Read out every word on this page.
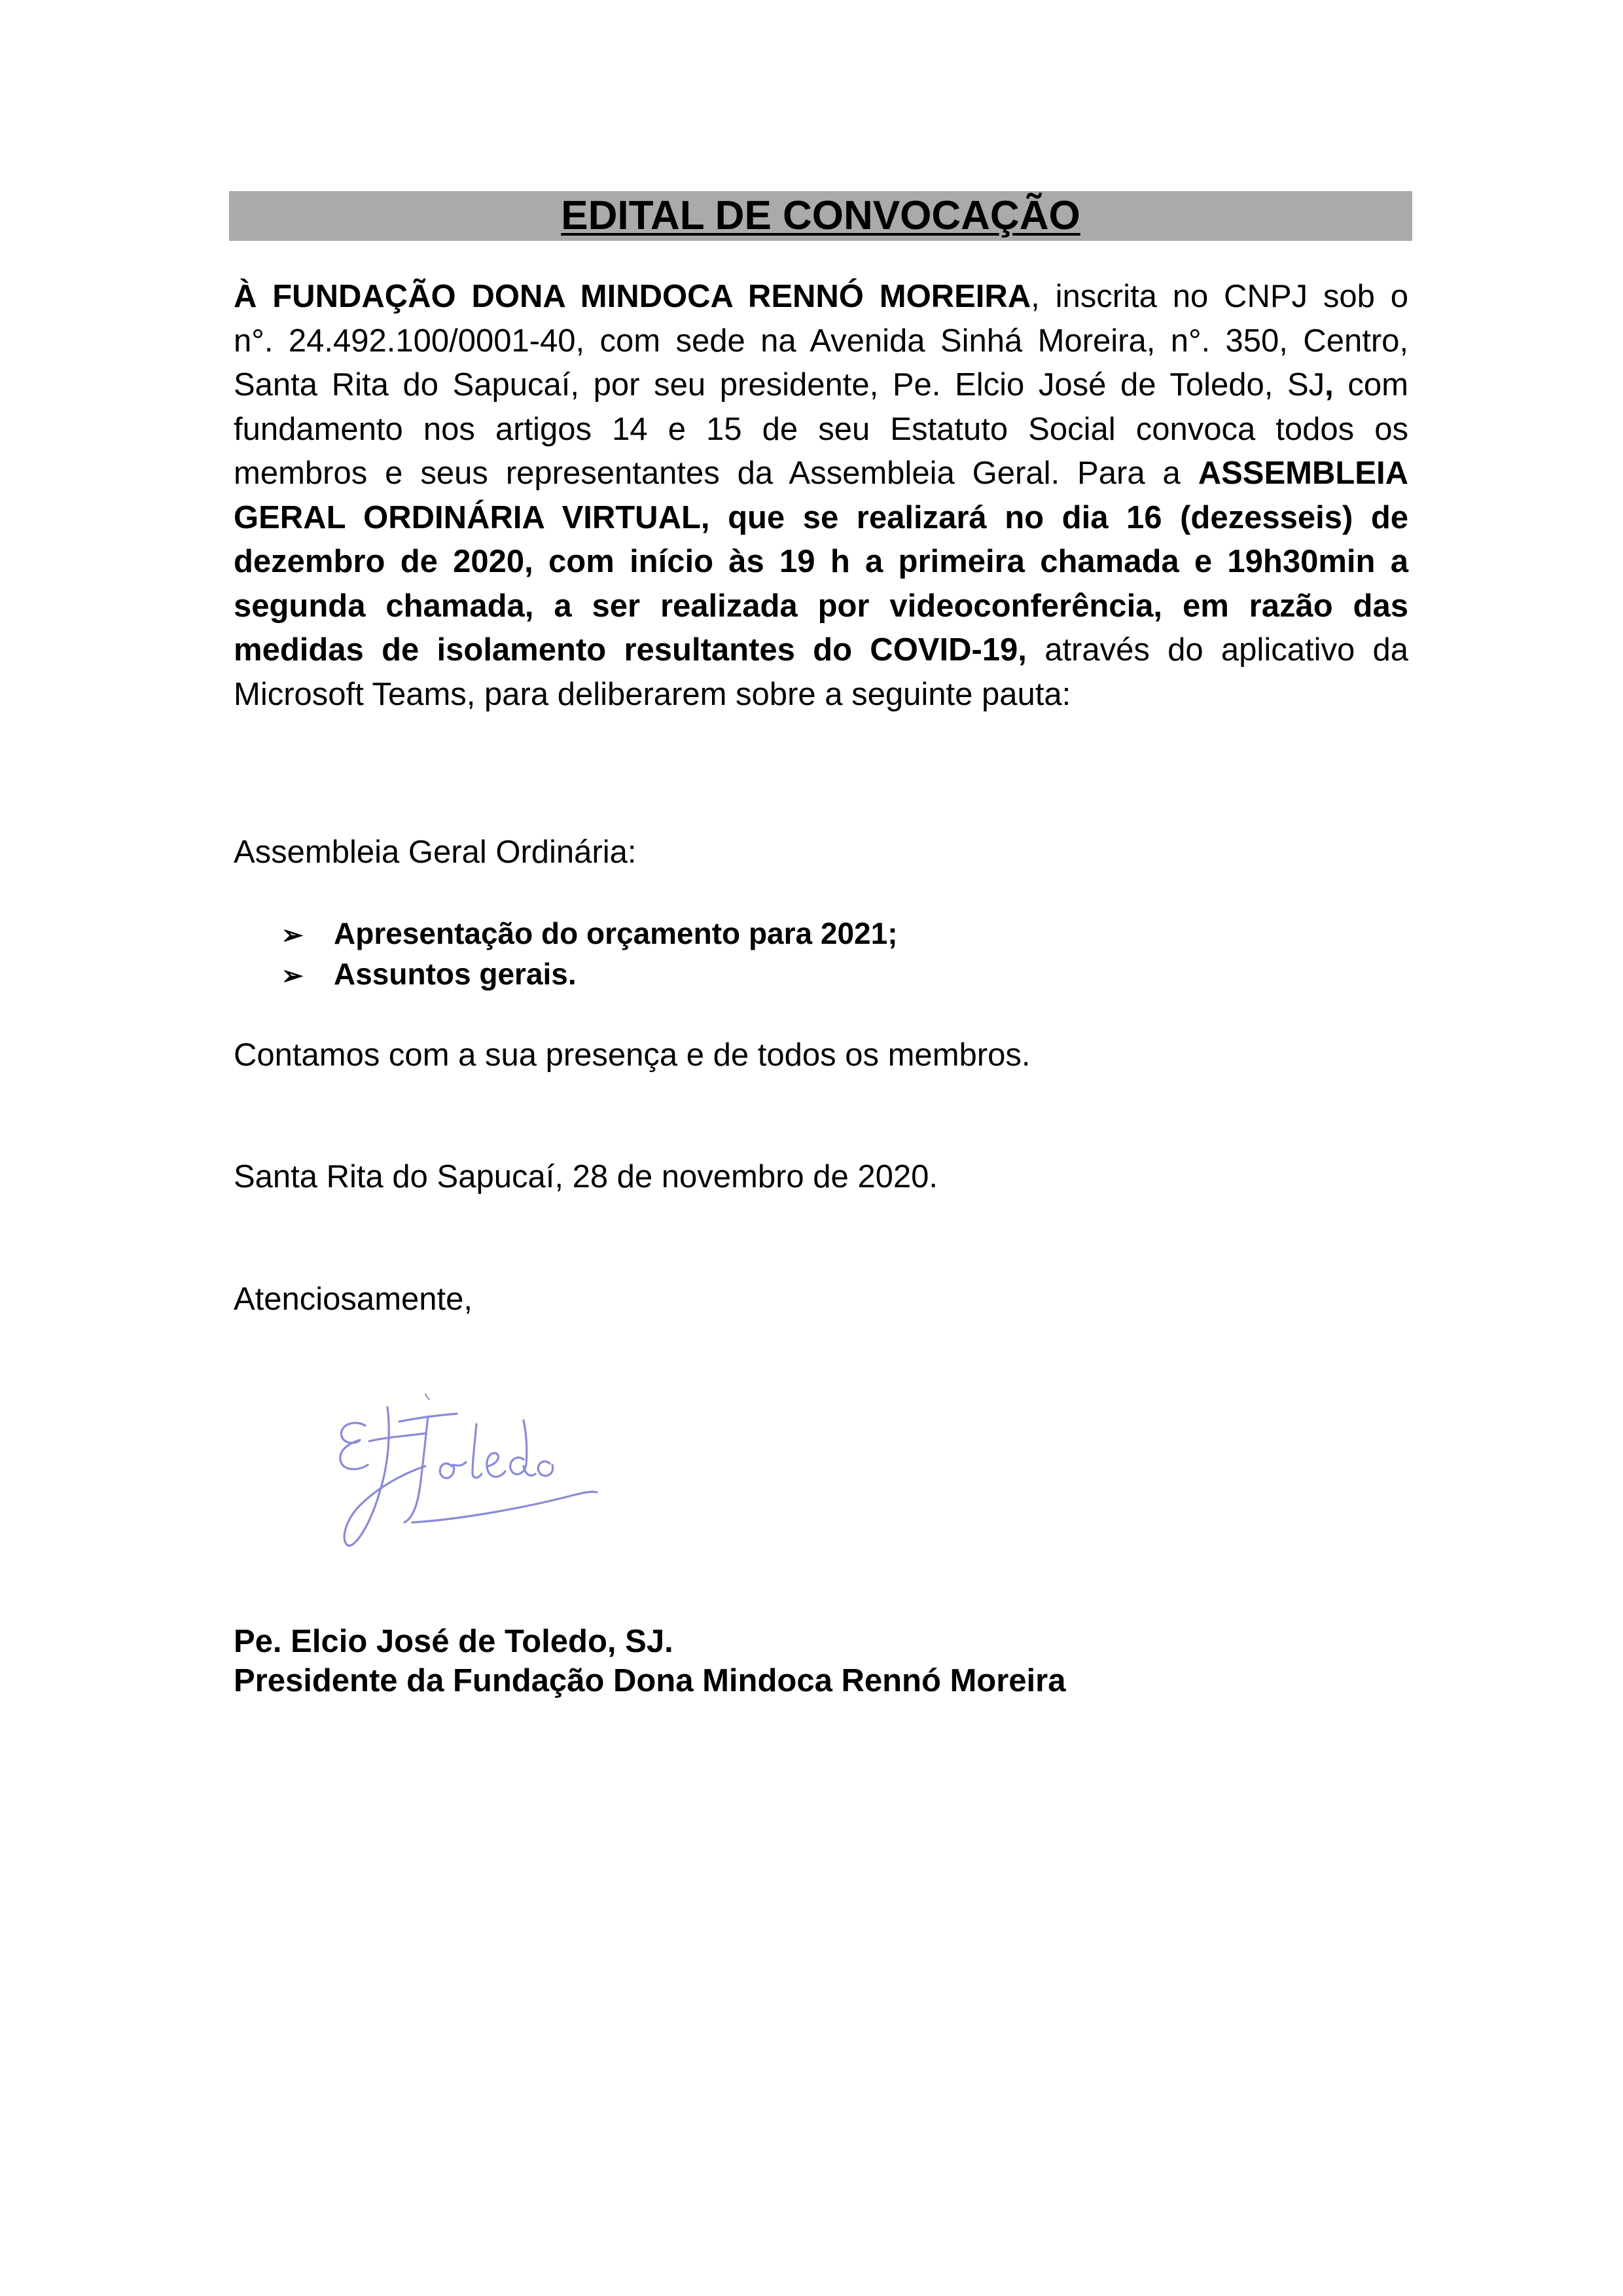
EDITAL DE CONVOCAÇÃO
À FUNDAÇÃO DONA MINDOCA RENNÓ MOREIRA, inscrita no CNPJ sob o
n°. 24.492.100/0001-40, com sede na Avenida Sinhá Moreira, n°. 350, Centro,
Santa Rita do Sapucaí, por seu presidente, Pe. Elcio José de Toledo, SJ, com
fundamento nos artigos 14 e 15 de seu Estatuto Social convoca todos os
membros e seus representantes da Assembleia Geral. Para a ASSEMBLEIA
GERAL ORDINÁRIA VIRTUAL, que se realizará no dia 16 (dezesseis) de
dezembro de 2020, com início às 19 h a primeira chamada e 19h30min a
segunda chamada, a ser realizada por videoconferência, em razão das
medidas de isolamento resultantes do COVID-19, através do aplicativo da
Microsoft Teams, para deliberarem sobre a seguinte pauta:
Assembleia Geral Ordinária:
➢ Apresentação do orçamento para 2021;
➢ Assuntos gerais.
Contamos com a sua presença e de todos os membros.
Santa Rita do Sapucaí, 28 de novembro de 2020.
Atenciosamente,
Pe. Elcio José de Toledo, SJ.
Presidente da Fundação Dona Mindoca Rennó Moreira
